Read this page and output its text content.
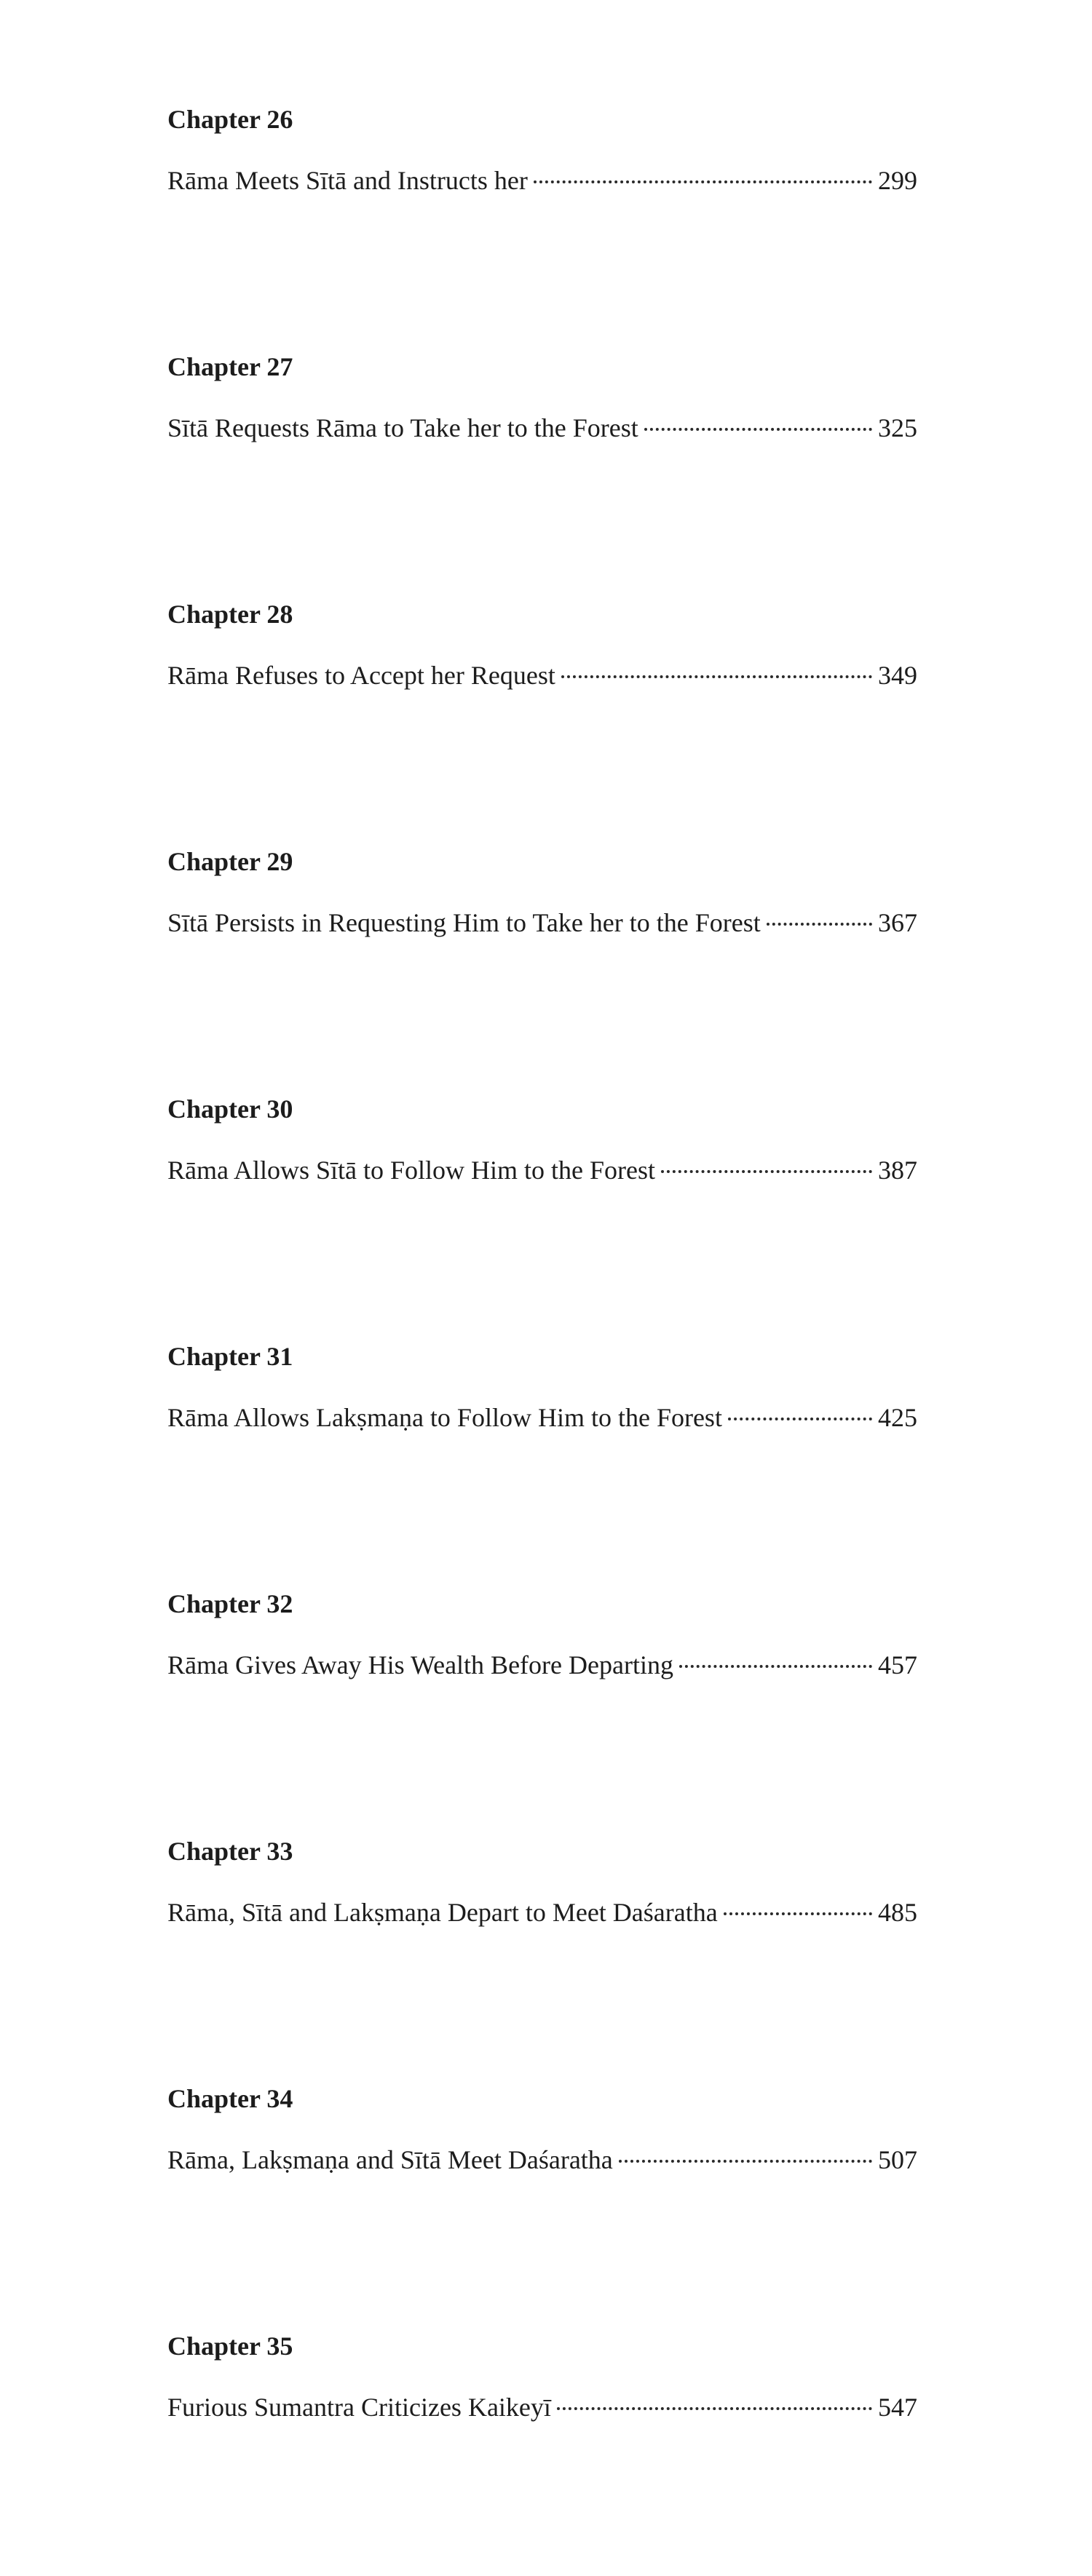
Chapter 26
Rāma Meets Sītā and Instructs her	299
Chapter 27
Sītā Requests Rāma to Take her to the Forest	325
Chapter 28
Rāma Refuses to Accept her Request	349
Chapter 29
Sītā Persists in Requesting Him to Take her to the Forest	367
Chapter 30
Rāma Allows Sītā to Follow Him to the Forest	387
Chapter 31
Rāma Allows Lakṣmaṇa to Follow Him to the Forest	425
Chapter 32
Rāma Gives Away His Wealth Before Departing	457
Chapter 33
Rāma, Sītā and Lakṣmaṇa Depart to Meet Daśaratha	485
Chapter 34
Rāma, Lakṣmaṇa and Sītā Meet Daśaratha	507
Chapter 35
Furious Sumantra Criticizes Kaikeyī	547
